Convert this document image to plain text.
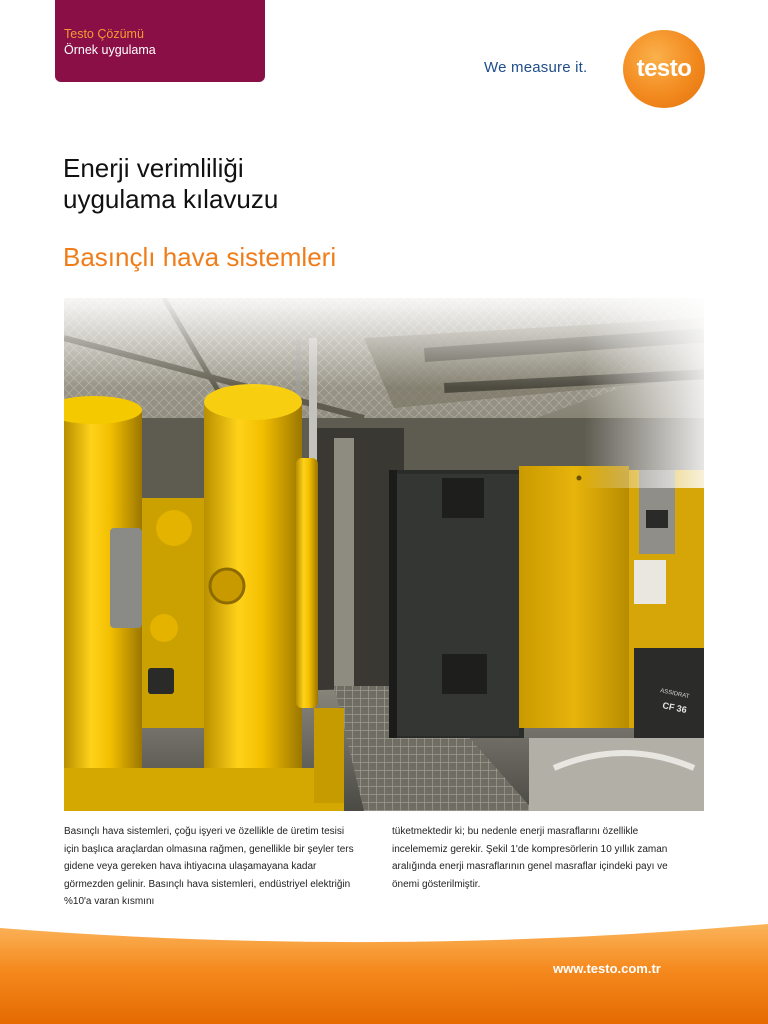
Testo Çözümü
Örnek uygulama
We measure it.	testo
Enerji verimliliği
uygulama kılavuzu
Basınçlı hava sistemleri
ASSIDRAT
CF 36

Basınçlı hava sistemleri, çoğu işyeri ve özellikle de üretim tesisi için başlıca araçlardan olmasına rağmen, genellikle bir şeyler ters gidene veya gereken hava ihtiyacına ulaşamayana kadar görmezden gelinir. Basınçlı hava sistemleri, endüstriyel elektriğin %10'a varan kısmını

tüketmektedir ki; bu nedenle enerji masraflarını özellikle incelememiz gerekir. Şekil 1'de kompresörlerin 10 yıllık zaman aralığında enerji masraflarının genel masraflar içindeki payı ve önemi gösterilmiştir.

www.testo.com.tr
